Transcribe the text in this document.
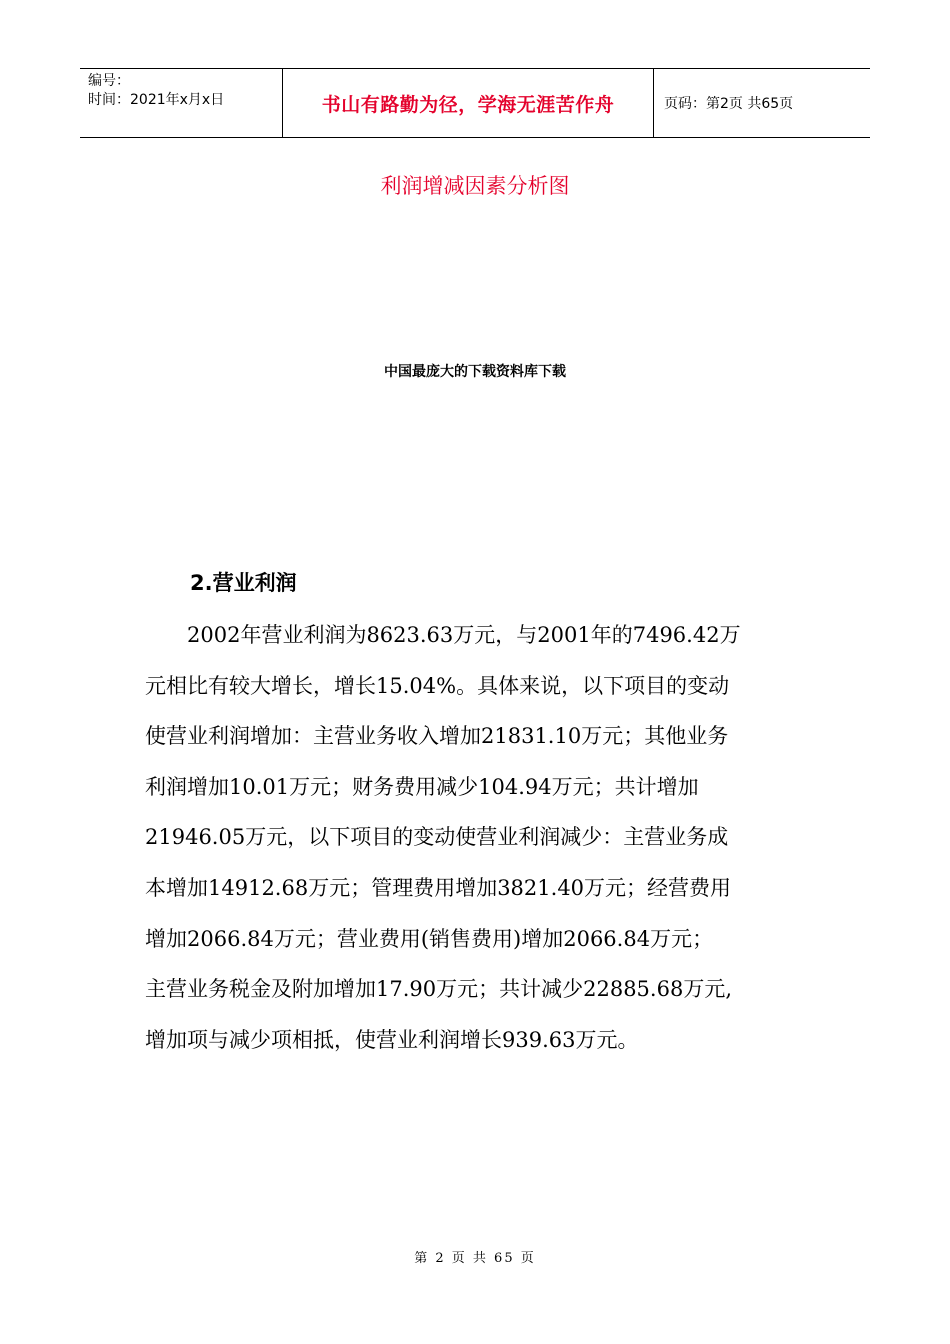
编号：
时间：2021年x月x日	书山有路勤为径，学海无涯苦作舟	页码：第2页 共65页
利润增减因素分析图
中国最庞大的下载资料库下载
2.营业利润
　　2002年营业利润为8623.63万元，与2001年的7496.42万
元相比有较大增长，增长15.04%。具体来说，以下项目的变动
使营业利润增加：主营业务收入增加21831.10万元；其他业务
利润增加10.01万元；财务费用减少104.94万元；共计增加
21946.05万元，以下项目的变动使营业利润减少：主营业务成
本增加14912.68万元；管理费用增加3821.40万元；经营费用
增加2066.84万元；营业费用(销售费用)增加2066.84万元；
主营业务税金及附加增加17.90万元；共计减少22885.68万元,
增加项与减少项相抵，使营业利润增长939.63万元。
第 2 页 共 65 页
